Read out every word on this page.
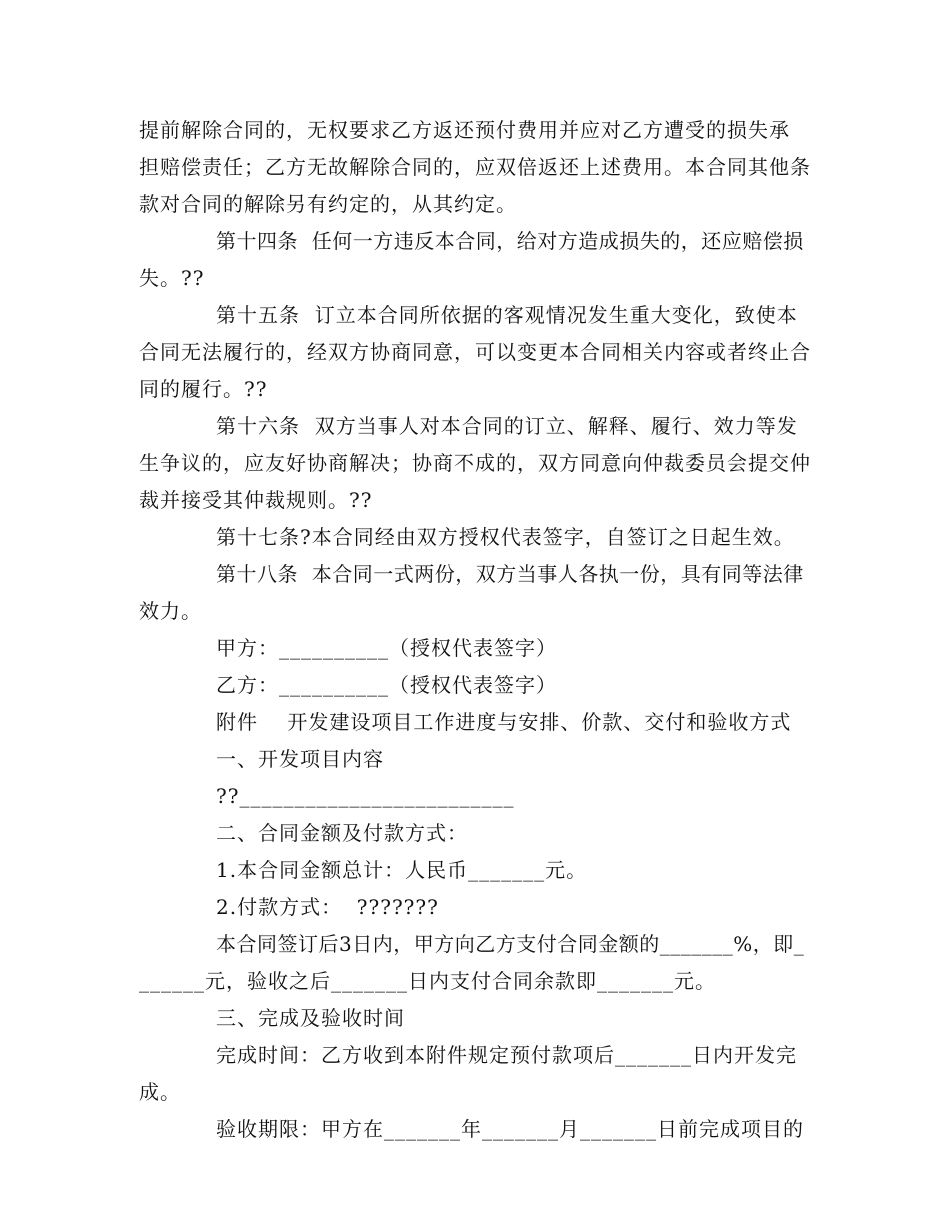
提前解除合同的，无权要求乙方返还预付费用并应对乙方遭受的损失承
担赔偿责任；乙方无故解除合同的，应双倍返还上述费用。本合同其他条
款对合同的解除另有约定的，从其约定。
第十四条  任何一方违反本合同，给对方造成损失的，还应赔偿损
失。??
第十五条  订立本合同所依据的客观情况发生重大变化，致使本
合同无法履行的，经双方协商同意，可以变更本合同相关内容或者终止合
同的履行。??
第十六条  双方当事人对本合同的订立、解释、履行、效力等发
生争议的，应友好协商解决；协商不成的，双方同意向仲裁委员会提交仲
裁并接受其仲裁规则。??
第十七条?本合同经由双方授权代表签字，自签订之日起生效。
第十八条  本合同一式两份，双方当事人各执一份，具有同等法律
效力。
甲方：__________（授权代表签字）
乙方：__________（授权代表签字）
附件    开发建设项目工作进度与安排、价款、交付和验收方式
一、开发项目内容
??_________________________
二、合同金额及付款方式：
1.本合同金额总计：人民币_______元。
2.付款方式：  ???????
本合同签订后3日内，甲方向乙方支付合同金额的_______%，即_
______元，验收之后_______日内支付合同余款即_______元。
三、完成及验收时间
完成时间：乙方收到本附件规定预付款项后_______日内开发完
成。
验收期限：甲方在_______年_______月_______日前完成项目的
